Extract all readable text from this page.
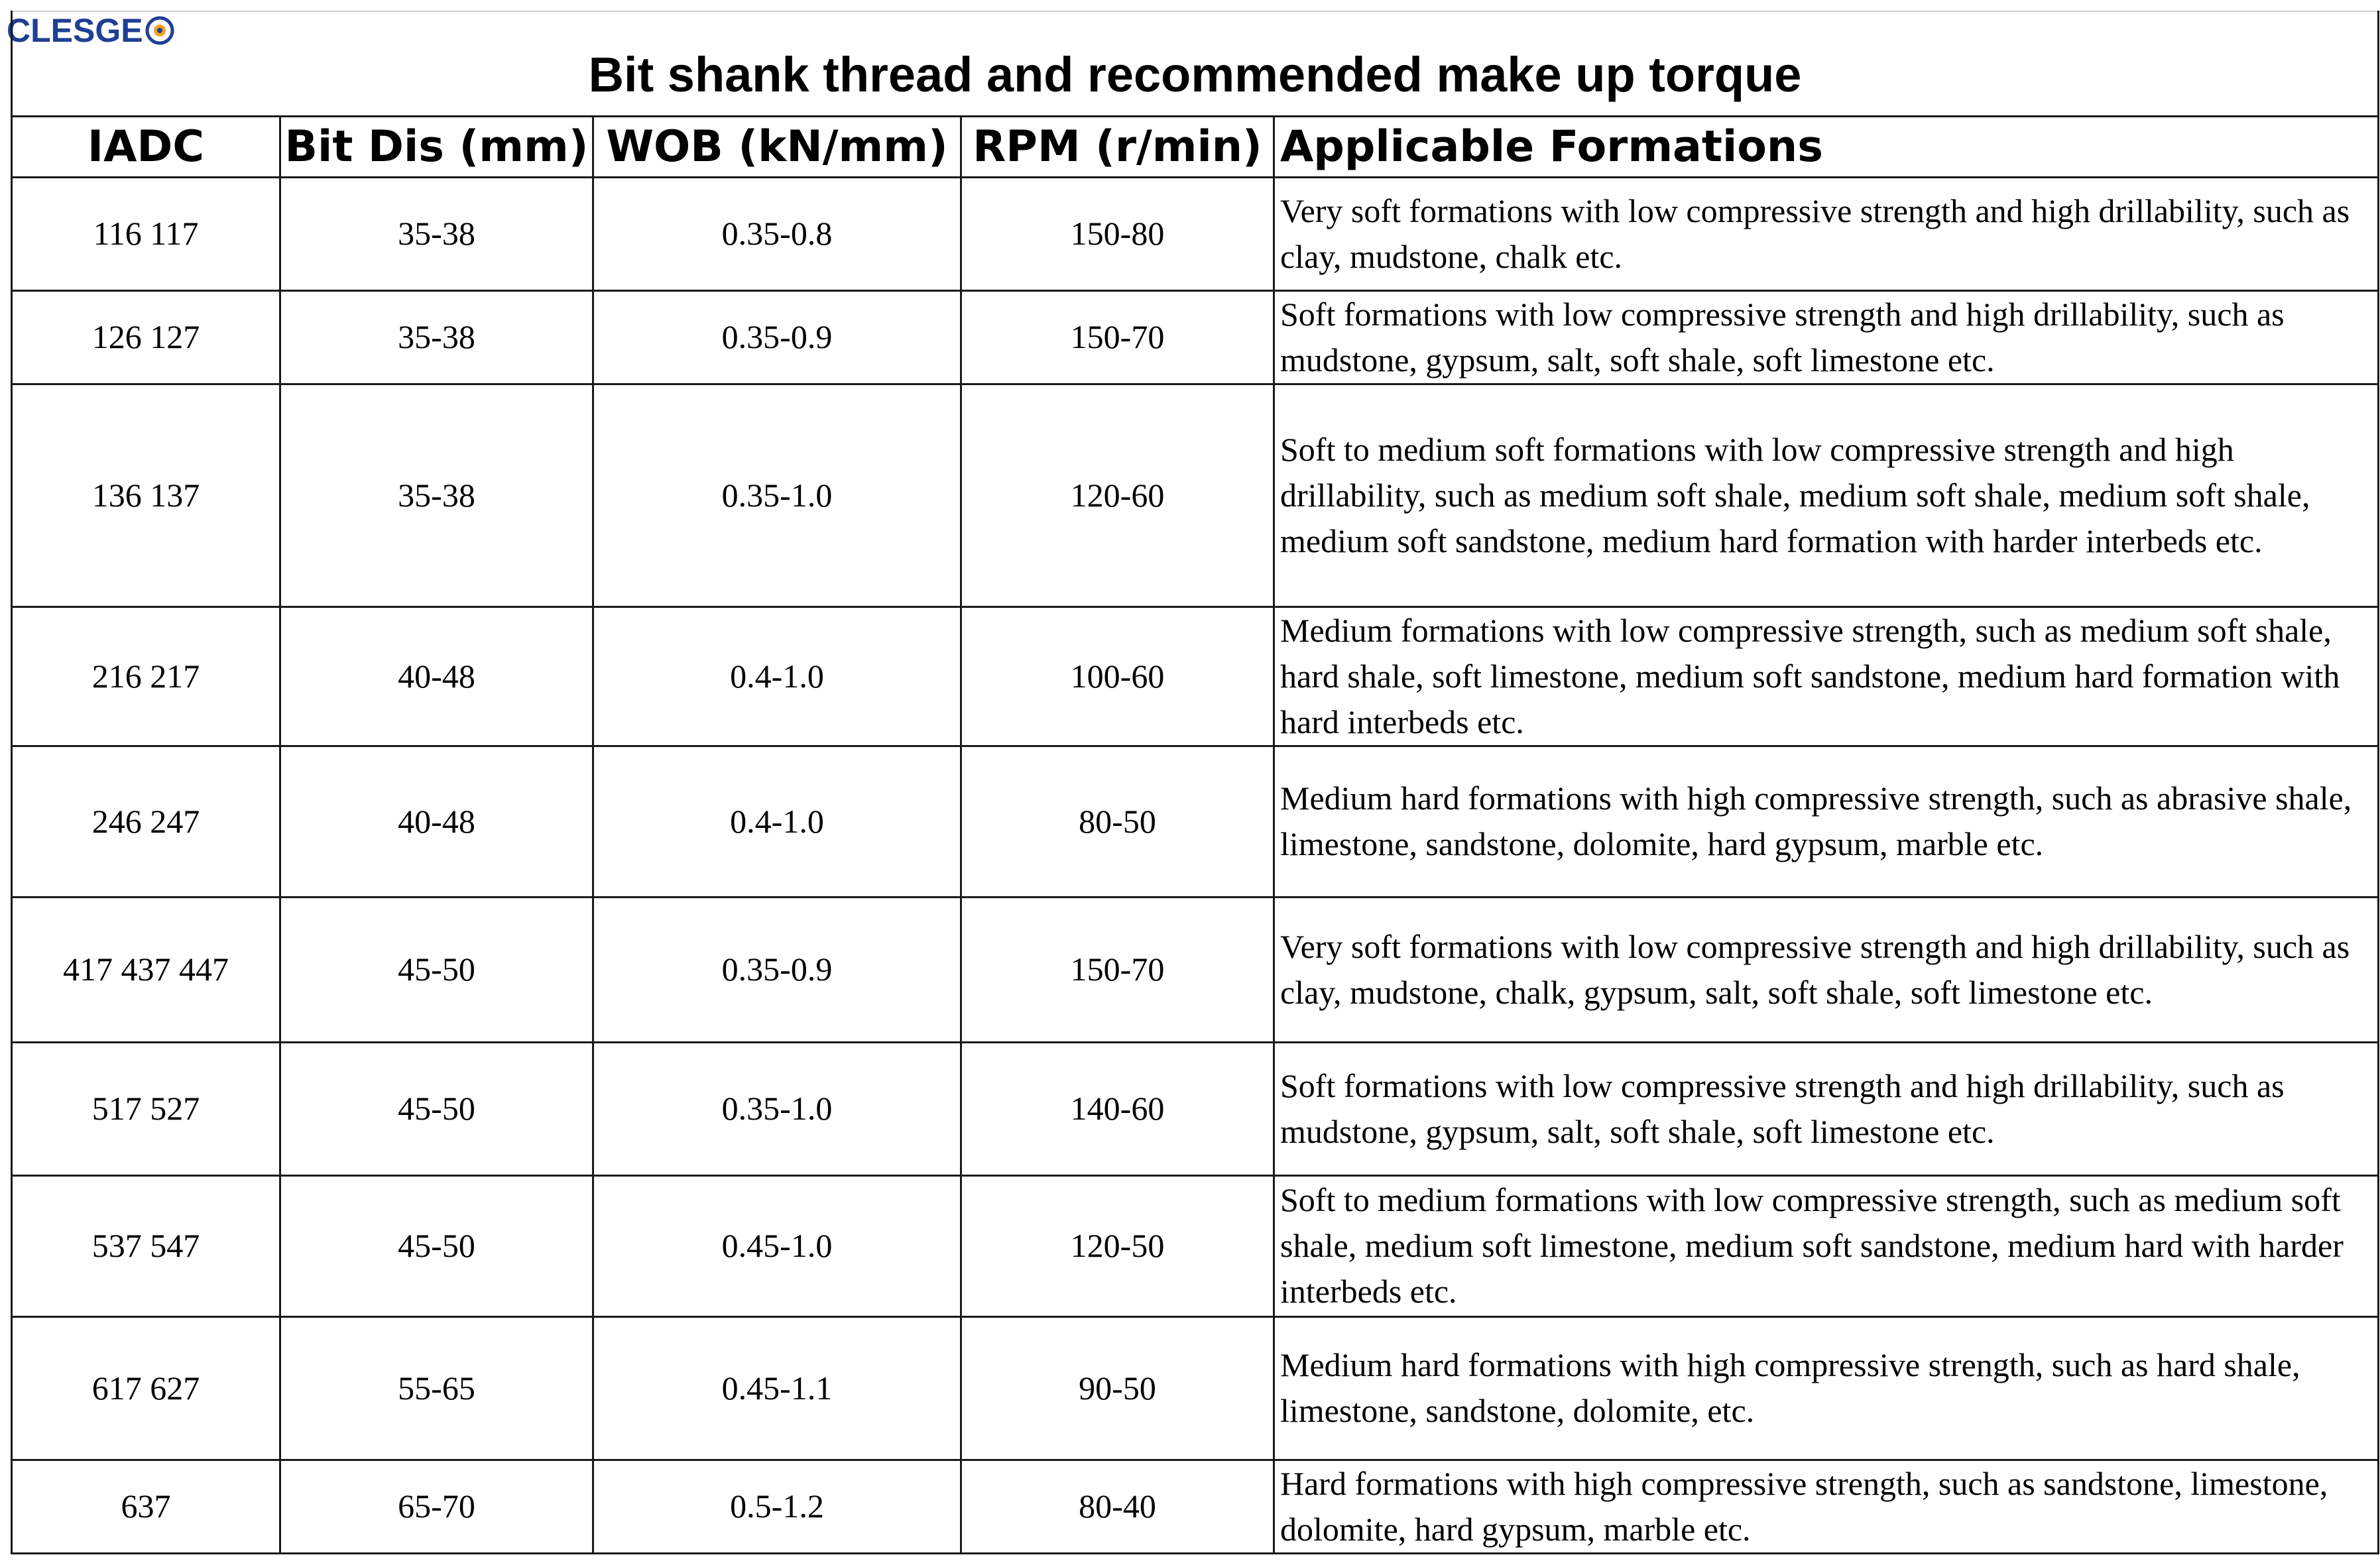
CLESGE
Bit shank thread and recommended make up torque				
IADC	Bit Dis (mm)	WOB (kN/mm)	RPM (r/min)	Applicable Formations
116 117	35-38	0.35-0.8	150-80	Very soft formations with low compressive strength and high drillability, such as clay, mudstone, chalk etc.
126 127	35-38	0.35-0.9	150-70	Soft formations with low compressive strength and high drillability, such as mudstone, gypsum, salt, soft shale, soft limestone etc.
136 137	35-38	0.35-1.0	120-60	Soft to medium soft formations with low compressive strength and high drillability, such as medium soft shale, medium soft shale, medium soft shale, medium soft sandstone, medium hard formation with harder interbeds etc.
216 217	40-48	0.4-1.0	100-60	Medium formations with low compressive strength, such as medium soft shale, hard shale, soft limestone, medium soft sandstone, medium hard formation with hard interbeds etc.
246 247	40-48	0.4-1.0	80-50	Medium hard formations with high compressive strength, such as abrasive shale, limestone, sandstone, dolomite, hard gypsum, marble etc.
417 437 447	45-50	0.35-0.9	150-70	Very soft formations with low compressive strength and high drillability, such as clay, mudstone, chalk, gypsum, salt, soft shale, soft limestone etc.
517 527	45-50	0.35-1.0	140-60	Soft formations with low compressive strength and high drillability, such as mudstone, gypsum, salt, soft shale, soft limestone etc.
537 547	45-50	0.45-1.0	120-50	Soft to medium formations with low compressive strength, such as medium soft shale, medium soft limestone, medium soft sandstone, medium hard with harder interbeds etc.
617 627	55-65	0.45-1.1	90-50	Medium hard formations with high compressive strength, such as hard shale, limestone, sandstone, dolomite, etc.
637	65-70	0.5-1.2	80-40	Hard formations with high compressive strength, such as sandstone, limestone, dolomite, hard gypsum, marble etc.
